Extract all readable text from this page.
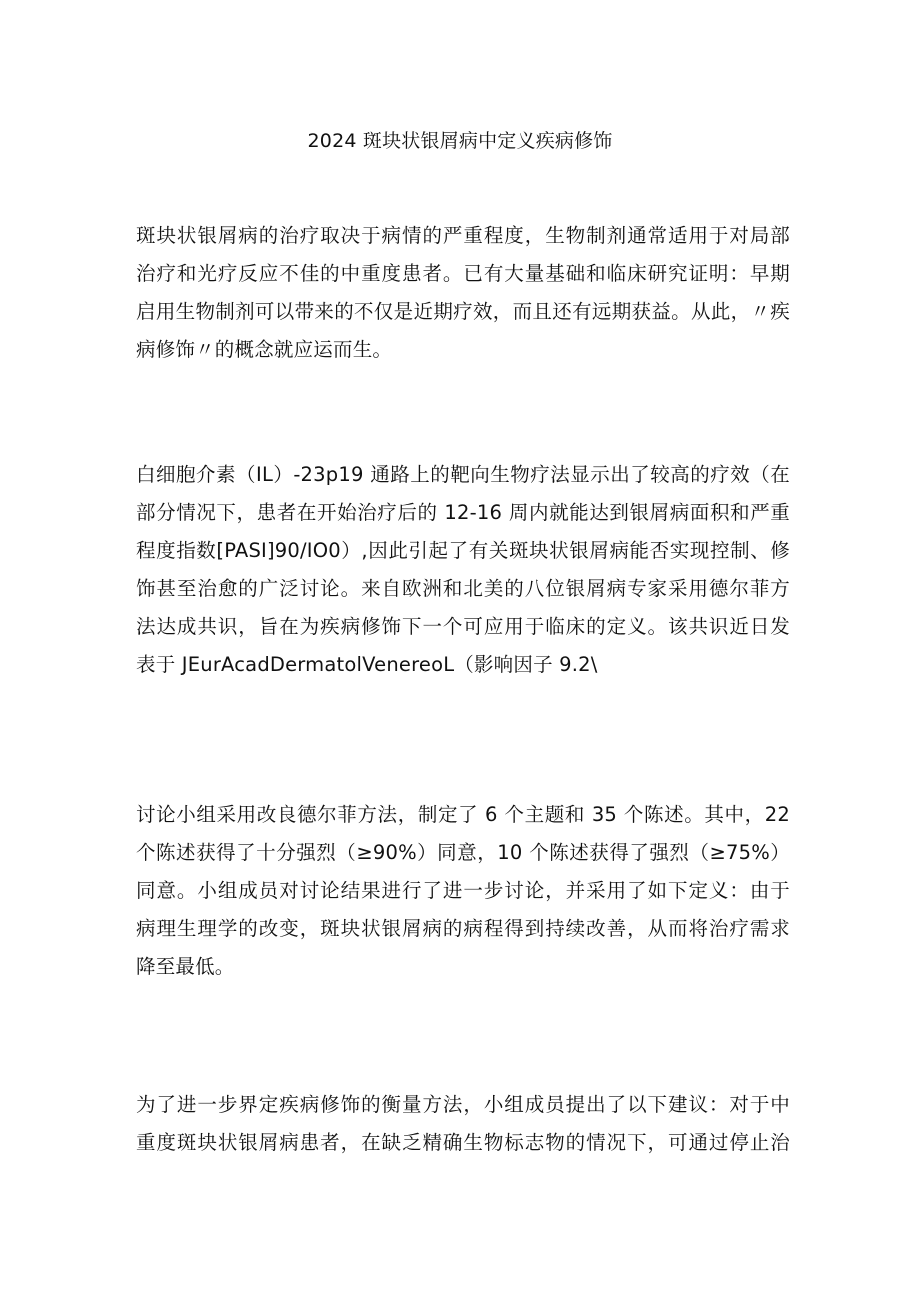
2024 斑块状银屑病中定义疾病修饰

斑块状银屑病的治疗取决于病情的严重程度，生物制剂通常适用于对局部
治疗和光疗反应不佳的中重度患者。已有大量基础和临床研究证明：早期
启用生物制剂可以带来的不仅是近期疗效，而且还有远期获益。从此，〃疾
病修饰〃的概念就应运而生。

白细胞介素（IL）-23p19 通路上的靶向生物疗法显示出了较高的疗效（在
部分情况下，患者在开始治疗后的 12-16 周内就能达到银屑病面积和严重
程度指数[PASI]90/IO0）,因此引起了有关斑块状银屑病能否实现控制、修
饰甚至治愈的广泛讨论。来自欧洲和北美的八位银屑病专家采用德尔菲方
法达成共识，旨在为疾病修饰下一个可应用于临床的定义。该共识近日发
表于 JEurAcadDermatolVenereoL（影响因子 9.2\

讨论小组采用改良德尔菲方法，制定了 6 个主题和 35 个陈述。其中，22
个陈述获得了十分强烈（≥90%）同意，10 个陈述获得了强烈（≥75%）
同意。小组成员对讨论结果进行了进一步讨论，并采用了如下定义：由于
病理生理学的改变，斑块状银屑病的病程得到持续改善，从而将治疗需求
降至最低。

为了进一步界定疾病修饰的衡量方法，小组成员提出了以下建议：对于中
重度斑块状银屑病患者，在缺乏精确生物标志物的情况下，可通过停止治
